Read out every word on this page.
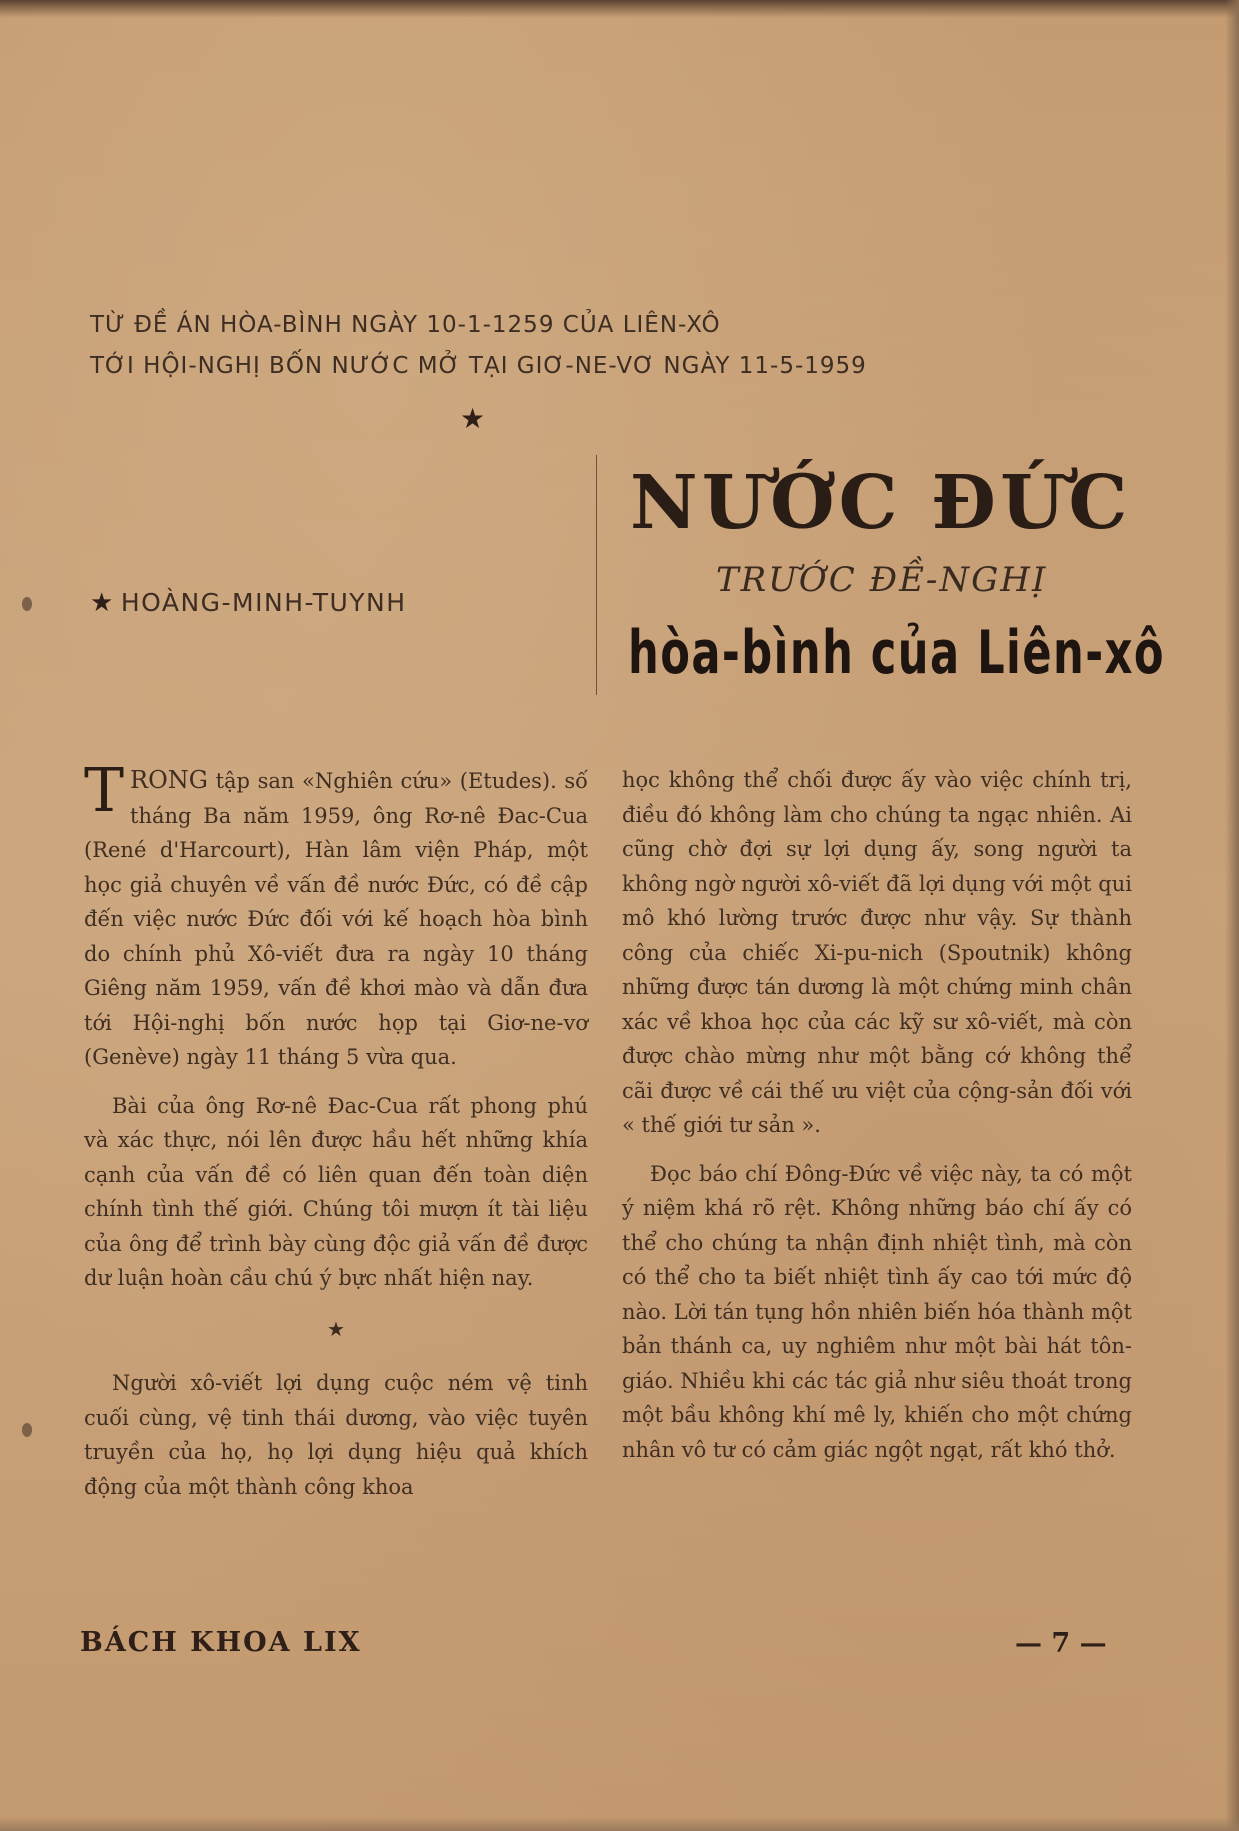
TỪ ĐỀ ÁN HÒA-BÌNH NGÀY 10-1-1259 CỦA LIÊN-XÔ
TỚI HỘI-NGHỊ BỐN NƯỚC MỞ TẠI GIƠ-NE-VƠ NGÀY 11-5-1959
★
★ HOÀNG-MINH-TUYNH
NƯỚC ĐỨC
TRƯỚC ĐỀ-NGHỊ
hòa-bình của Liên-xô

TRONG tập san «Nghiên cứu» (Etudes). số tháng Ba năm 1959, ông Rơ-nê Đac-Cua (René d'Harcourt), Hàn lâm viện Pháp, một học giả chuyên về vấn đề nước Đức, có đề cập đến việc nước Đức đối với kế hoạch hòa bình do chính phủ Xô-viết đưa ra ngày 10 tháng Giêng năm 1959, vấn đề khơi mào và dẫn đưa tới Hội-nghị bốn nước họp tại Giơ-ne-vơ (Genève) ngày 11 tháng 5 vừa qua.

Bài của ông Rơ-nê Đac-Cua rất phong phú và xác thực, nói lên được hầu hết những khía cạnh của vấn đề có liên quan đến toàn diện chính tình thế giới. Chúng tôi mượn ít tài liệu của ông để trình bày cùng độc giả vấn đề được dư luận hoàn cầu chú ý bực nhất hiện nay.

★

Người xô-viết lợi dụng cuộc ném vệ tinh cuối cùng, vệ tinh thái dương, vào việc tuyên truyền của họ, họ lợi dụng hiệu quả khích động của một thành công khoa

học không thể chối được ấy vào việc chính trị, điều đó không làm cho chúng ta ngạc nhiên. Ai cũng chờ đợi sự lợi dụng ấy, song người ta không ngờ người xô-viết đã lợi dụng với một qui mô khó lường trước được như vậy. Sự thành công của chiếc Xi-pu-nich (Spoutnik) không những được tán dương là một chứng minh chân xác về khoa học của các kỹ sư xô-viết, mà còn được chào mừng như một bằng cớ không thể cãi được về cái thế ưu việt của cộng-sản đối với « thế giới tư sản ».

Đọc báo chí Đông-Đức về việc này, ta có một ý niệm khá rõ rệt. Không những báo chí ấy có thể cho chúng ta nhận định nhiệt tình, mà còn có thể cho ta biết nhiệt tình ấy cao tới mức độ nào. Lời tán tụng hồn nhiên biến hóa thành một bản thánh ca, uy nghiêm như một bài hát tôn-giáo. Nhiều khi các tác giả như siêu thoát trong một bầu không khí mê ly, khiến cho một chứng nhân vô tư có cảm giác ngột ngạt, rất khó thở.

BÁCH KHOA LIX	— 7 —
